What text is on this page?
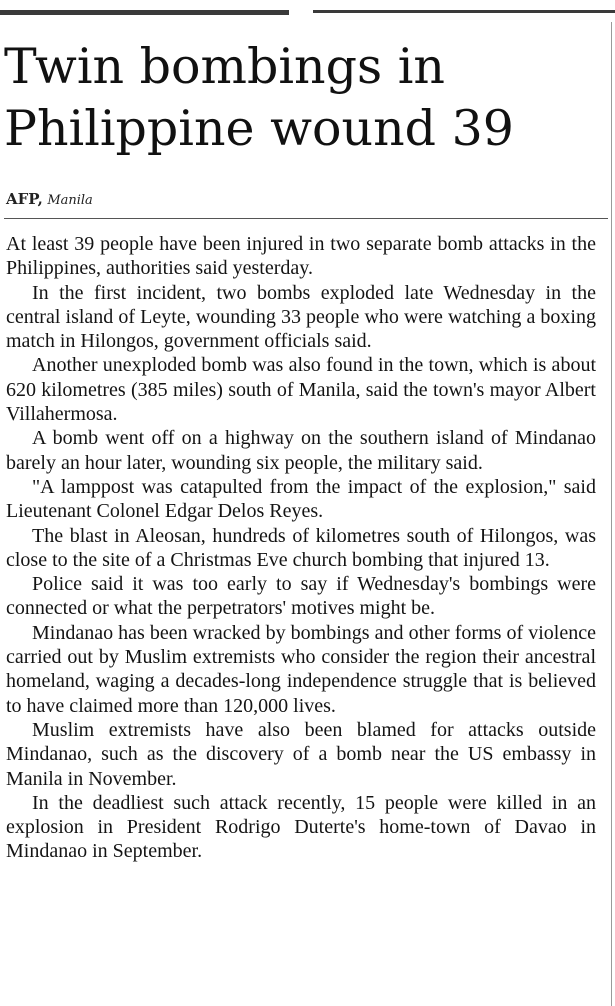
Twin bombings in Philippine wound 39
AFP, Manila

At least 39 people have been injured in two separate bomb attacks in the Philippines, authorities said yesterday.

In the first incident, two bombs exploded late Wednesday in the central island of Leyte, wounding 33 people who were watching a boxing match in Hilongos, government officials said.

Another unexploded bomb was also found in the town, which is about 620 kilometres (385 miles) south of Manila, said the town's mayor Albert Villahermosa.

A bomb went off on a highway on the southern island of Mindanao barely an hour later, wounding six people, the military said.

"A lamppost was catapulted from the impact of the explosion," said Lieutenant Colonel Edgar Delos Reyes.

The blast in Aleosan, hundreds of kilometres south of Hilongos, was close to the site of a Christmas Eve church bombing that injured 13.

Police said it was too early to say if Wednesday's bombings were connected or what the perpetrators' motives might be.

Mindanao has been wracked by bombings and other forms of violence carried out by Muslim extremists who consider the region their ancestral homeland, waging a decades-long independence struggle that is believed to have claimed more than 120,000 lives.

Muslim extremists have also been blamed for attacks outside Mindanao, such as the discovery of a bomb near the US embassy in Manila in November.

In the deadliest such attack recently, 15 people were killed in an explosion in President Rodrigo Duterte's home-town of Davao in Mindanao in September.
